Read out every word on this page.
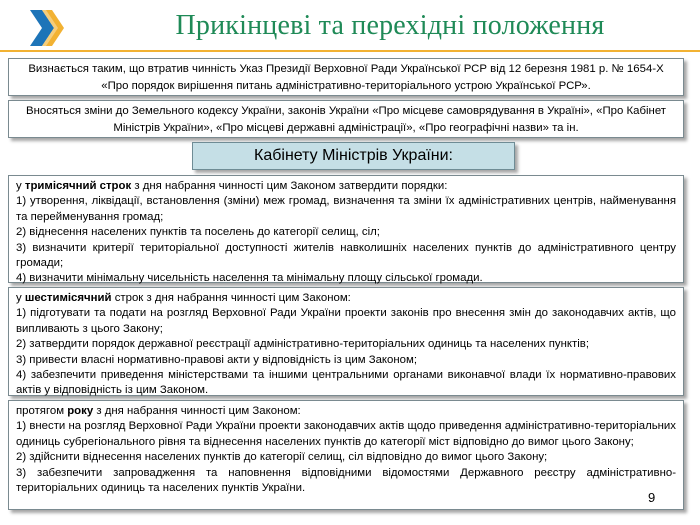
Прикінцеві та перехідні положення
Визнається таким, що втратив чинність Указ Президії Верховної Ради Української РСР від 12 березня 1981 р. № 1654-X «Про порядок вирішення питань адміністративно-територіального устрою Української РСР».
Вносяться зміни до Земельного кодексу України, законів України «Про місцеве самоврядування в Україні», «Про Кабінет Міністрів України», «Про місцеві державні адміністрації», «Про географічні назви» та ін.
Кабінету Міністрів України:

у тримісячний строк з дня набрання чинності цим Законом затвердити порядки:

1) утворення, ліквідації, встановлення (зміни) меж громад, визначення та зміни їх адміністративних центрів, найменування та перейменування громад;

2) віднесення населених пунктів та поселень до категорії селищ, сіл;

3) визначити критерії територіальної доступності жителів навколишніх населених пунктів до адміністративного центру громади;

4) визначити мінімальну чисельність населення та мінімальну площу сільської громади.

у шестимісячний строк з дня набрання чинності цим Законом:

1) підготувати та подати на розгляд Верховної Ради України проекти законів про внесення змін до законодавчих актів, що випливають з цього Закону;

2) затвердити порядок державної реєстрації адміністративно-територіальних одиниць та населених пунктів;

3) привести власні нормативно-правові акти у відповідність із цим Законом;

4) забезпечити приведення міністерствами та іншими центральними органами виконавчої влади їх нормативно-правових актів у відповідність із цим Законом.

протягом року з дня набрання чинності цим Законом:

1) внести на розгляд Верховної Ради України проекти законодавчих актів щодо приведення адміністративно-територіальних одиниць субрегіонального рівня та віднесення населених пунктів до категорії міст відповідно до вимог цього Закону;

2) здійснити віднесення населених пунктів до категорії селищ, сіл відповідно до вимог цього Закону;

3) забезпечити запровадження та наповнення відповідними відомостями Державного реєстру адміністративно-територіальних одиниць та населених пунктів України.

9
